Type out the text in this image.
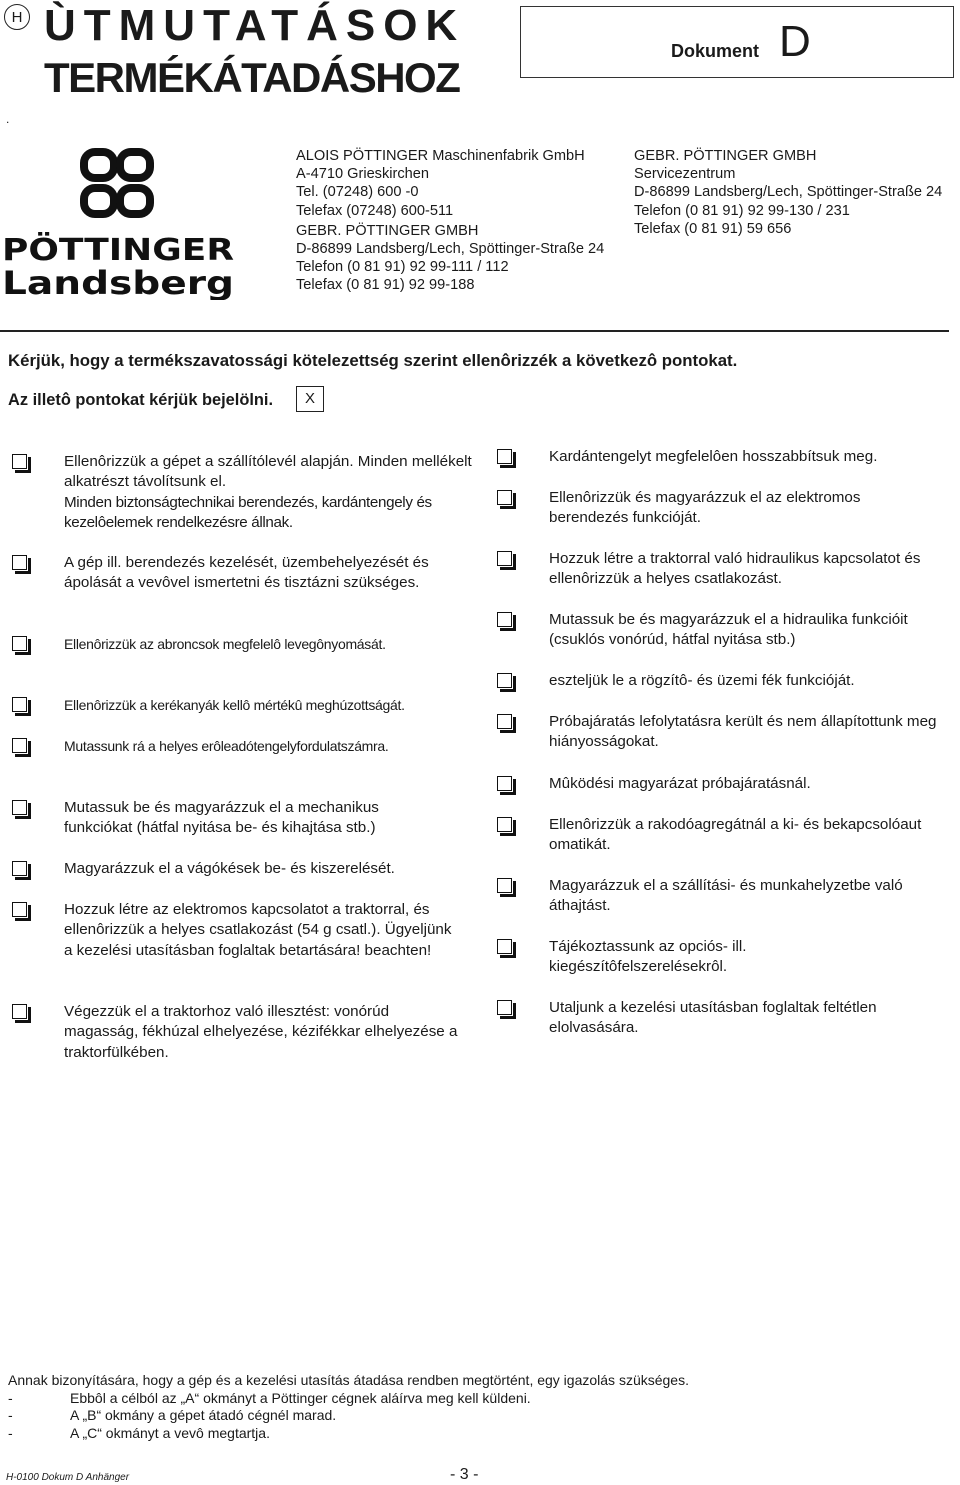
H ÙTMUTATÁSOK
TERMÉKÁTADÁSHOZ
Dokument D
.
PÖTTINGER
Landsberg
ALOIS PÖTTINGER Maschinenfabrik GmbH
A-4710 Grieskirchen
Tel. (07248) 600 -0
Telefax (07248) 600-511
GEBR. PÖTTINGER GMBH
D-86899 Landsberg/Lech, Spöttinger-Straße 24
Telefon (0 81 91) 92 99-111 / 112
Telefax (0 81 91) 92 99-188
GEBR. PÖTTINGER GMBH
Servicezentrum
D-86899 Landsberg/Lech, Spöttinger-Straße 24
Telefon (0 81 91) 92 99-130 / 231
Telefax (0 81 91) 59 656
Kérjük, hogy a termékszavatossági kötelezettség szerint ellenôrizzék a következô pontokat.
Az illetô pontokat kérjük bejelölni.	X
Ellenôrizzük a gépet a szállítólevél alapján. Minden mellékelt alkatrészt távolítsunk el.
Minden biztonságtechnikai berendezés, kardántengely és kezelôelemek rendelkezésre állnak.
A gép ill. berendezés kezelését, üzembehelyezését és ápolását a vevôvel ismertetni és tisztázni szükséges.
Ellenôrizzük az abroncsok megfelelô levegônyomását.
Ellenôrizzük a kerékanyák kellô mértékû meghúzottságát.
Mutassunk rá a helyes erôleadótengelyfordulatszámra.
Mutassuk be és magyarázzuk el a mechanikus funkciókat (hátfal nyitása be- és kihajtása stb.)
Magyarázzuk el a vágókések be- és kiszerelését.
Hozzuk létre az elektromos kapcsolatot a traktorral, és ellenôrizzük a helyes csatlakozást (54 g csatl.). Ügyeljünk a kezelési utasításban foglaltak betartására! beachten!
Végezzük el a traktorhoz való illesztést: vonórúd magasság, fékhúzal elhelyezése, kézifékkar elhelyezése a traktorfülkében.
Kardántengelyt megfelelôen hosszabbítsuk meg.
Ellenôrizzük és magyarázzuk el az elektromos berendezés funkcióját.
Hozzuk létre a traktorral való hidraulikus kapcsolatot és ellenôrizzük a helyes csatlakozást.
Mutassuk be és magyarázzuk el a hidraulika funkcióit (csuklós vonórúd, hátfal nyitása stb.)
eszteljük le a rögzítô- és üzemi fék funkcióját.
Próbajáratás lefolytatásra került és nem állapítottunk meg hiányosságokat.
Mûködési magyarázat próbajáratásnál.
Ellenôrizzük a rakodóagregátnál a ki- és bekapcsolóautomatikát.
Magyarázzuk el a szállítási- és munkahelyzetbe való áthajtást.
Tájékoztassunk az opciós- ill. kiegészítôfelszerelésekrôl.
Utaljunk a kezelési utasításban foglaltak feltétlen elolvasására.
Annak bizonyítására, hogy a gép és a kezelési utasítás átadása rendben megtörtént, egy igazolás szükséges.
-	Ebbôl a célból az „A“ okmányt a Pöttinger cégnek aláírva meg kell küldeni.
-	A „B“ okmány a gépet átadó cégnél marad.
-	A „C“ okmányt a vevô megtartja.
H-0100 Dokum D Anhänger	- 3 -
